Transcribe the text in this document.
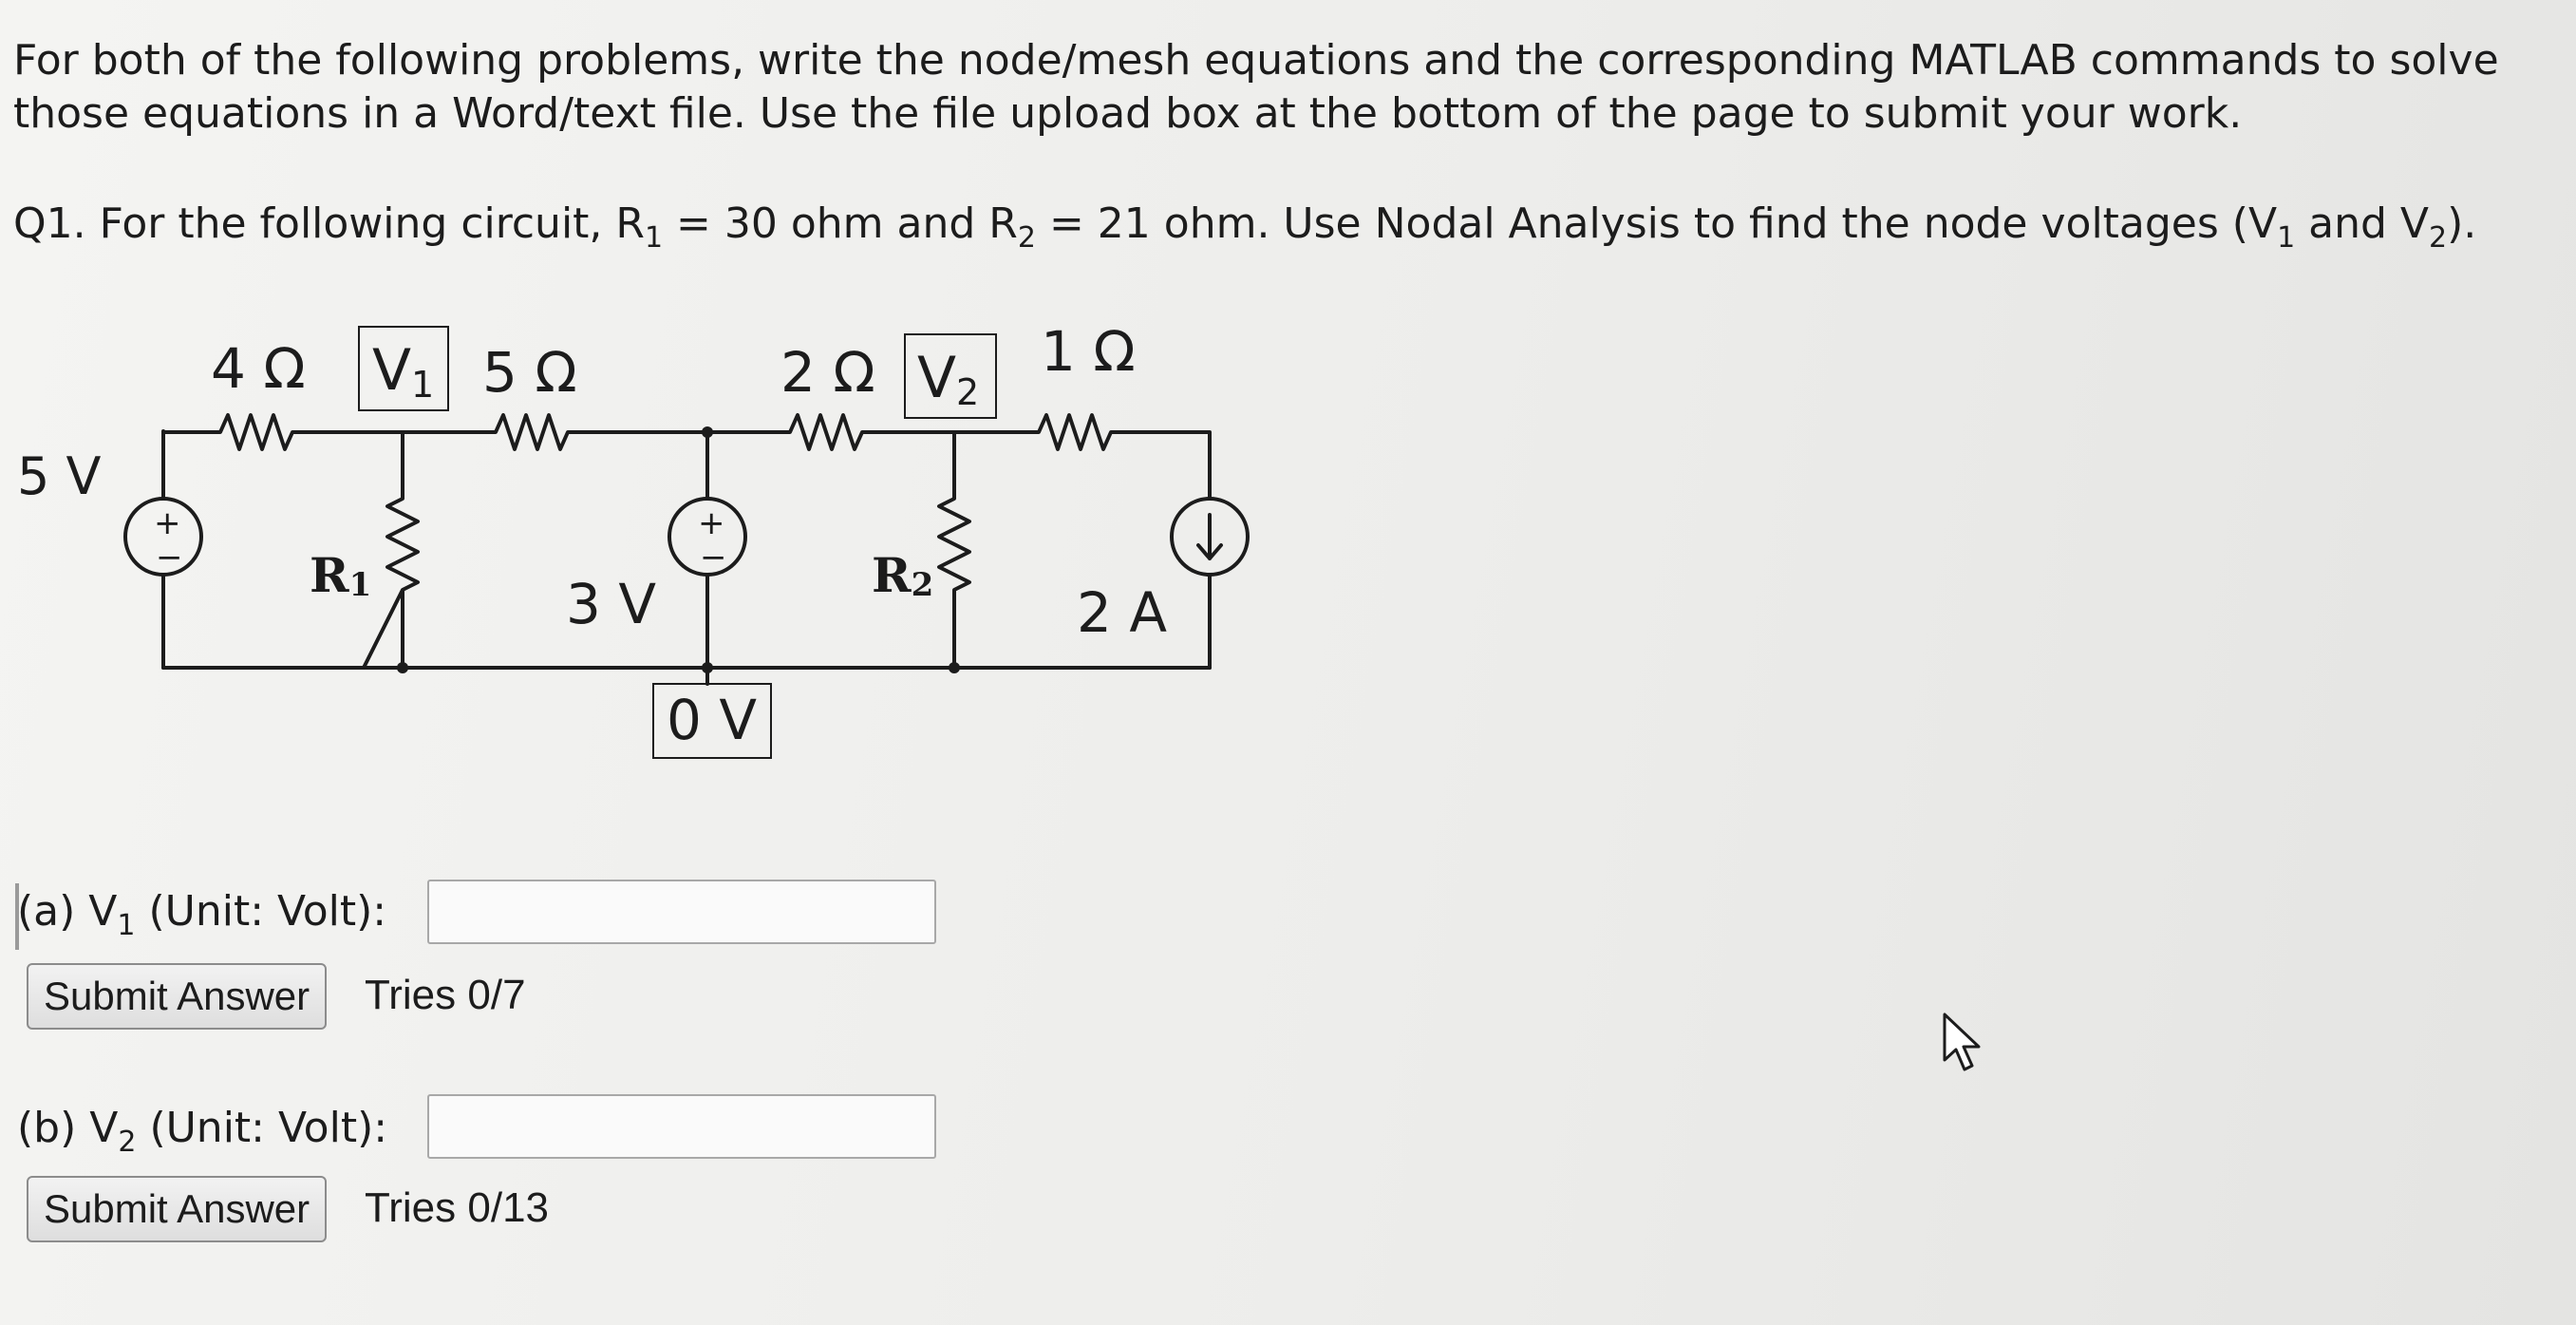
For both of the following problems, write the node/mesh equations and the corresponding MATLAB commands to solve
those equations in a Word/text file. Use the file upload box at the bottom of the page to submit your work.

Q1. For the following circuit, $R_1 = 30$ ohm and $R_2 = 21$ ohm. Use Nodal Analysis to find the node voltages ($V_1$ and $V_2$).

5 V
+
−
4 Ω V1 5 Ω
R1	3 V
+
−
0 V
2 Ω V2
R2
1 Ω
2 A
(a) $V_1$ (Unit: Volt):
Submit Answer	Tries 0/7
(b) $V_2$ (Unit: Volt):
Submit Answer	Tries 0/13
